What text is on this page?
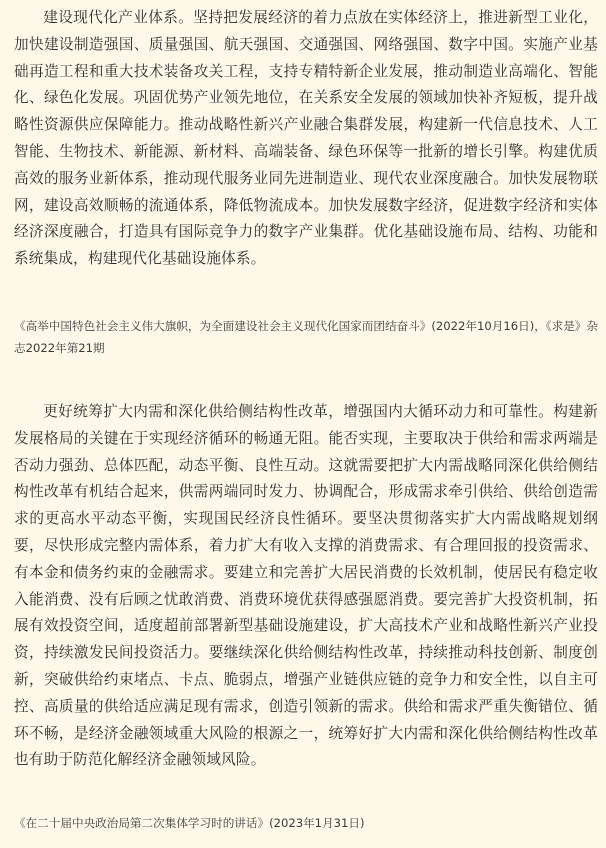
建设现代化产业体系。坚持把发展经济的着力点放在实体经济上，推进新型工业化，加快建设制造强国、质量强国、航天强国、交通强国、网络强国、数字中国。实施产业基础再造工程和重大技术装备攻关工程，支持专精特新企业发展，推动制造业高端化、智能化、绿色化发展。巩固优势产业领先地位，在关系安全发展的领域加快补齐短板，提升战略性资源供应保障能力。推动战略性新兴产业融合集群发展，构建新一代信息技术、人工智能、生物技术、新能源、新材料、高端装备、绿色环保等一批新的增长引擎。构建优质高效的服务业新体系，推动现代服务业同先进制造业、现代农业深度融合。加快发展物联网，建设高效顺畅的流通体系，降低物流成本。加快发展数字经济，促进数字经济和实体经济深度融合，打造具有国际竞争力的数字产业集群。优化基础设施布局、结构、功能和系统集成，构建现代化基础设施体系。

《高举中国特色社会主义伟大旗帜，为全面建设社会主义现代化国家而团结奋斗》(2022年10月16日)，《求是》杂志2022年第21期

更好统筹扩大内需和深化供给侧结构性改革，增强国内大循环动力和可靠性。构建新发展格局的关键在于实现经济循环的畅通无阻。能否实现，主要取决于供给和需求两端是否动力强劲、总体匹配，动态平衡、良性互动。这就需要把扩大内需战略同深化供给侧结构性改革有机结合起来，供需两端同时发力、协调配合，形成需求牵引供给、供给创造需求的更高水平动态平衡，实现国民经济良性循环。要坚决贯彻落实扩大内需战略规划纲要，尽快形成完整内需体系，着力扩大有收入支撑的消费需求、有合理回报的投资需求、有本金和债务约束的金融需求。要建立和完善扩大居民消费的长效机制，使居民有稳定收入能消费、没有后顾之忧敢消费、消费环境优获得感强愿消费。要完善扩大投资机制，拓展有效投资空间，适度超前部署新型基础设施建设，扩大高技术产业和战略性新兴产业投资，持续激发民间投资活力。要继续深化供给侧结构性改革，持续推动科技创新、制度创新，突破供给约束堵点、卡点、脆弱点，增强产业链供应链的竞争力和安全性，以自主可控、高质量的供给适应满足现有需求，创造引领新的需求。供给和需求严重失衡错位、循环不畅，是经济金融领域重大风险的根源之一，统筹好扩大内需和深化供给侧结构性改革也有助于防范化解经济金融领域风险。

《在二十届中央政治局第二次集体学习时的讲话》(2023年1月31日)
